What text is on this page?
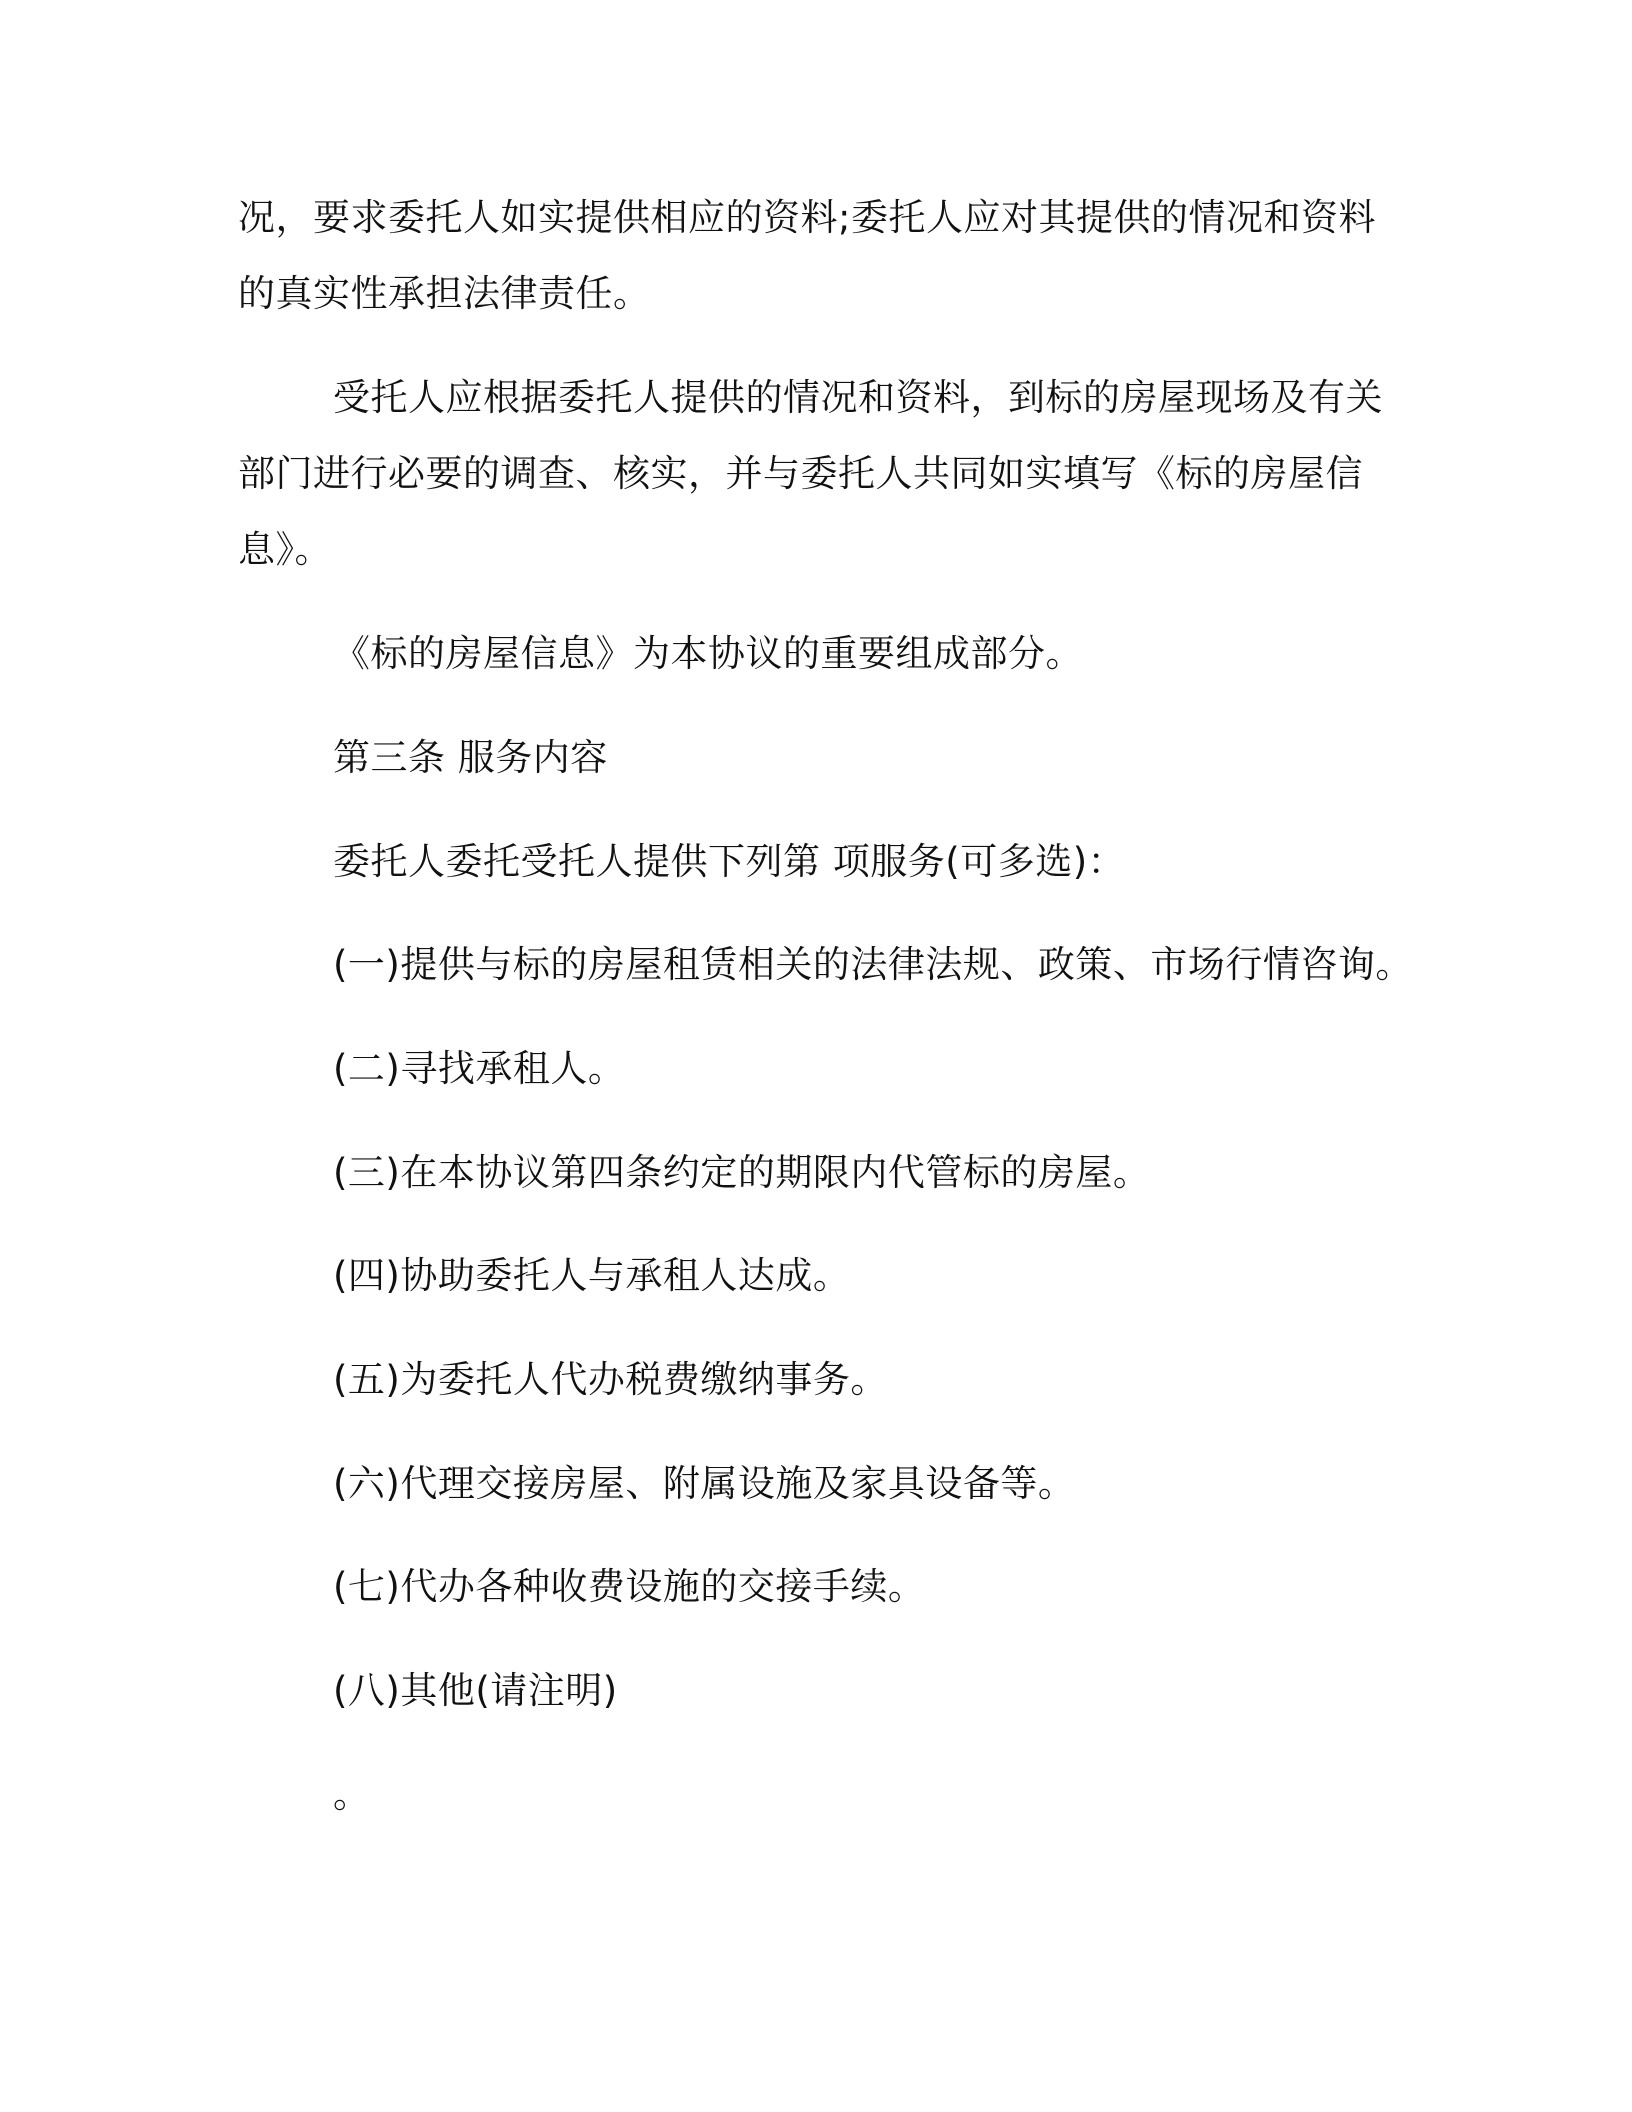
况，要求委托人如实提供相应的资料;委托人应对其提供的情况和资料
的真实性承担法律责任。
受托人应根据委托人提供的情况和资料，到标的房屋现场及有关
部门进行必要的调查、核实，并与委托人共同如实填写《标的房屋信
息》。
《标的房屋信息》为本协议的重要组成部分。
第三条 服务内容
委托人委托受托人提供下列第 项服务(可多选)：
(一)提供与标的房屋租赁相关的法律法规、政策、市场行情咨询。
(二)寻找承租人。
(三)在本协议第四条约定的期限内代管标的房屋。
(四)协助委托人与承租人达成。
(五)为委托人代办税费缴纳事务。
(六)代理交接房屋、附属设施及家具设备等。
(七)代办各种收费设施的交接手续。
(八)其他(请注明)
。
